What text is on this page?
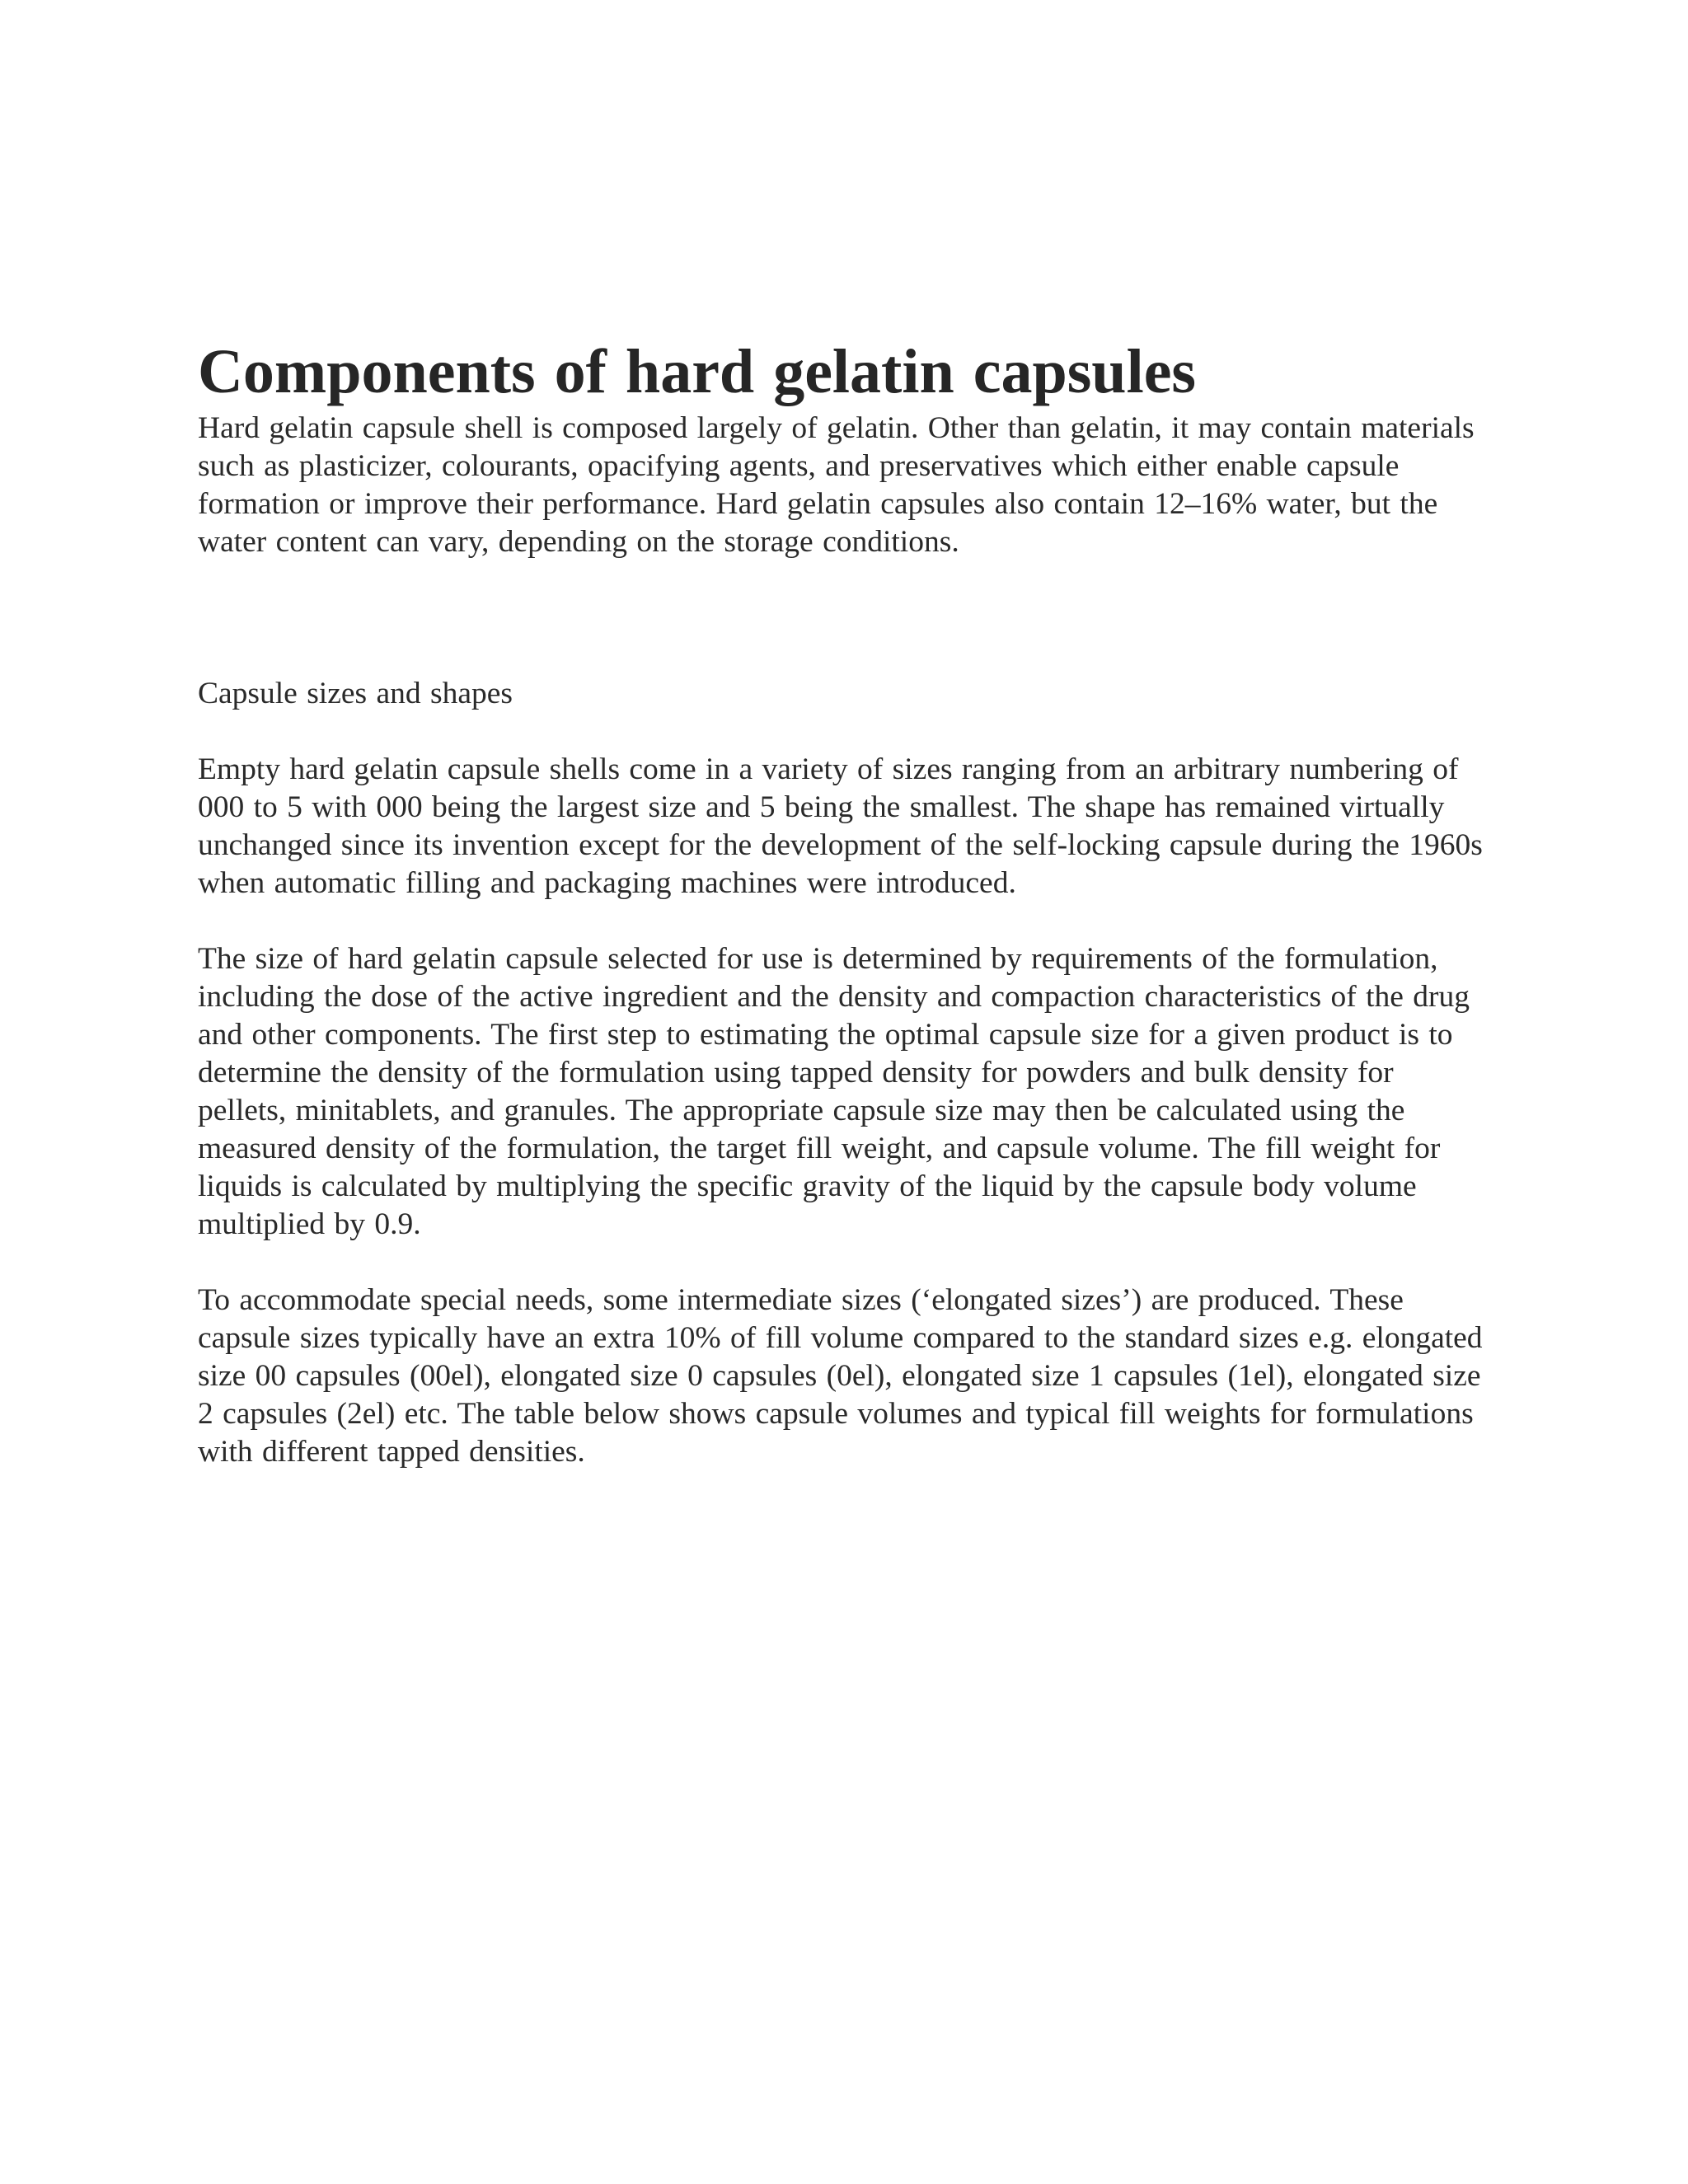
Components of hard gelatin capsules

Hard gelatin capsule shell is composed largely of gelatin. Other than gelatin, it may contain materials such as plasticizer, colourants, opacifying agents, and preservatives which either enable capsule formation or improve their performance. Hard gelatin capsules also contain 12–16% water, but the water content can vary, depending on the storage conditions.

Capsule sizes and shapes

Empty hard gelatin capsule shells come in a variety of sizes ranging from an arbitrary numbering of 000 to 5 with 000 being the largest size and 5 being the smallest. The shape has remained virtually unchanged since its invention except for the development of the self-locking capsule during the 1960s when automatic filling and packaging machines were introduced.

The size of hard gelatin capsule selected for use is determined by requirements of the formulation, including the dose of the active ingredient and the density and compaction characteristics of the drug and other components. The first step to estimating the optimal capsule size for a given product is to determine the density of the formulation using tapped density for powders and bulk density for pellets, minitablets, and granules. The appropriate capsule size may then be calculated using the measured density of the formulation, the target fill weight, and capsule volume. The fill weight for liquids is calculated by multiplying the specific gravity of the liquid by the capsule body volume multiplied by 0.9.

To accommodate special needs, some intermediate sizes (‘elongated sizes’) are produced. These capsule sizes typically have an extra 10% of fill volume compared to the standard sizes e.g. elongated size 00 capsules (00el), elongated size 0 capsules (0el), elongated size 1 capsules (1el), elongated size 2 capsules (2el) etc. The table below shows capsule volumes and typical fill weights for formulations with different tapped densities.
